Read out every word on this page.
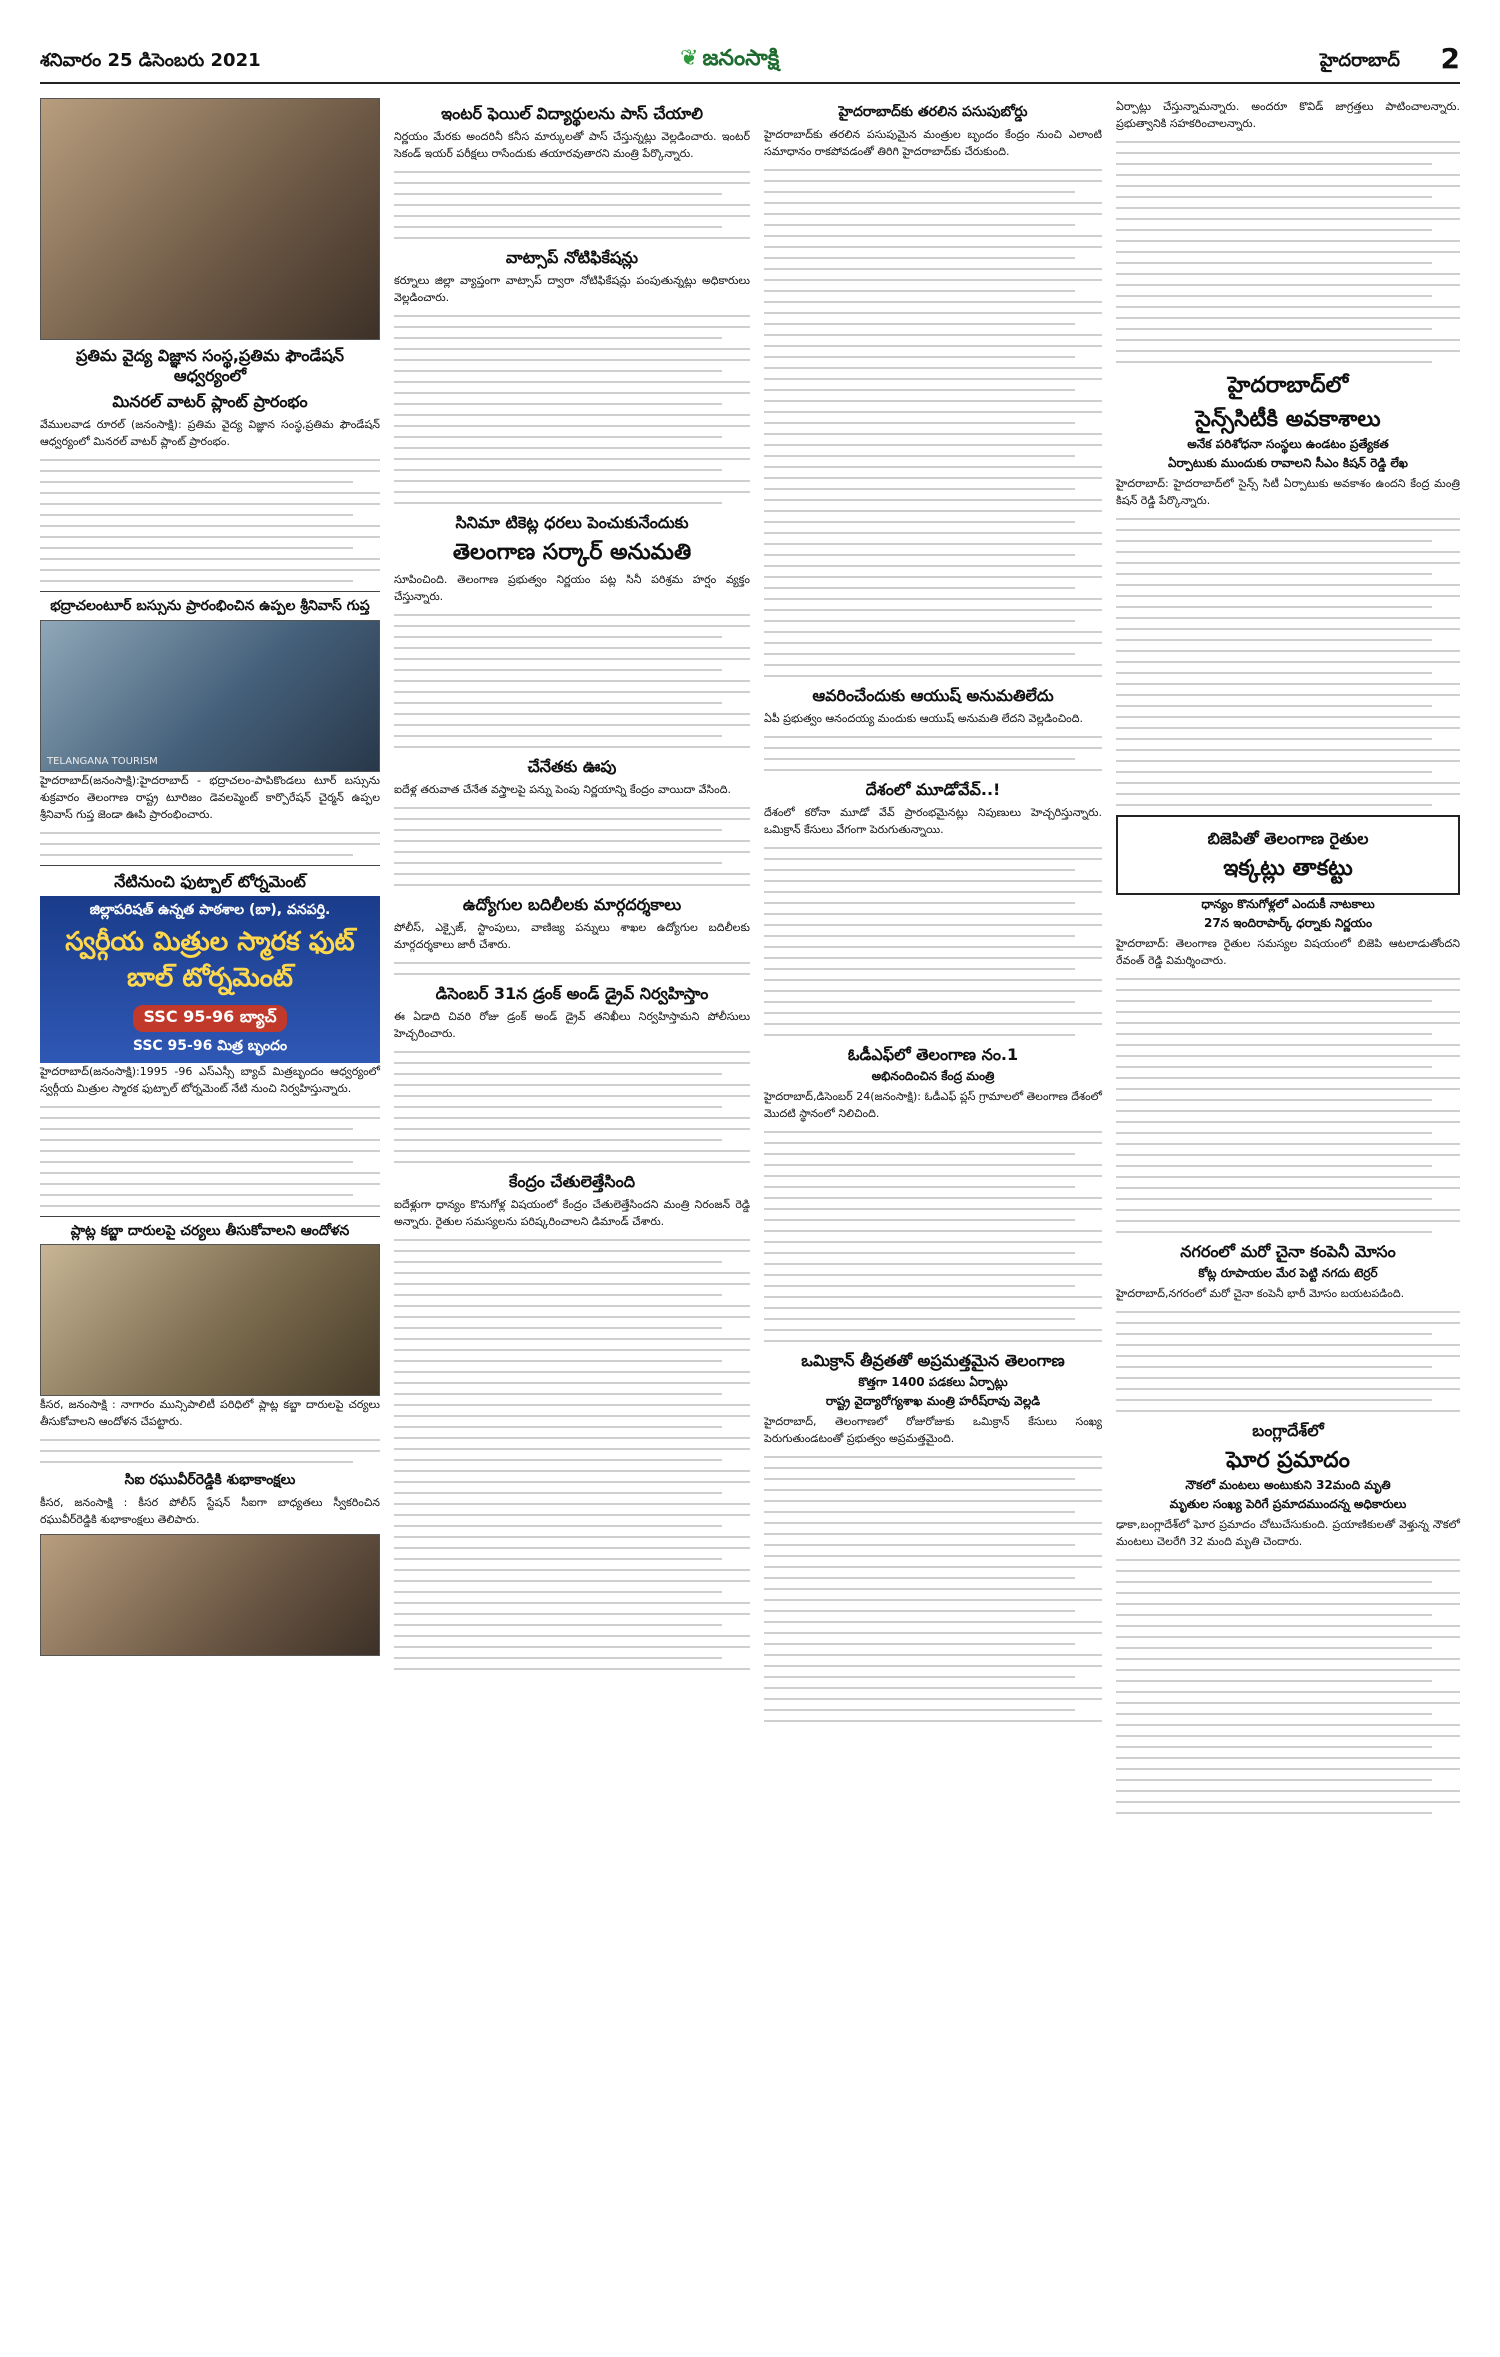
శనివారం 25 డిసెంబరు 2021	❦ జనంసాక్షి	హైదరాబాద్ 2
ప్రతిమ వైద్య విజ్ఞాన సంస్థ,ప్రతిమ ఫౌండేషన్ ఆధ్వర్యంలో
మినరల్ వాటర్ ప్లాంట్ ప్రారంభం

వేములవాడ రూరల్ (జనంసాక్షి): ప్రతిమ వైద్య విజ్ఞాన సంస్థ,ప్రతిమ ఫౌండేషన్ ఆధ్వర్యంలో మినరల్ వాటర్ ప్లాంట్ ప్రారంభం.

భద్రాచలంటూర్ బస్సును ప్రారంభించిన ఉప్పల శ్రీనివాస్ గుప్త
TELANGANA TOURISM

హైదరాబాద్(జనంసాక్షి):హైదరాబాద్ - భద్రాచలం-పాపికొండలు టూర్ బస్సును శుక్రవారం తెలంగాణ రాష్ట్ర టూరిజం డెవలప్మెంట్ కార్పొరేషన్ చైర్మన్ ఉప్పల శ్రీనివాస్ గుప్త జెండా ఊపి ప్రారంభించారు.

నేటినుంచి ఫుట్బాల్ టోర్నమెంట్
జిల్లాపరిషత్ ఉన్నత పాఠశాల (బా), వనపర్తి.
స్వర్గీయ మిత్రుల స్మారక ఫుట్ బాల్ టోర్నమెంట్
SSC 95-96 బ్యాచ్
SSC 95-96 మిత్ర బృందం

హైదరాబాద్(జనంసాక్షి):1995 -96 ఎస్ఎస్సీ బ్యాచ్ మిత్రబృందం ఆధ్వర్యంలో స్వర్గీయ మిత్రుల స్మారక ఫుట్బాల్ టోర్నమెంట్ నేటి నుంచి నిర్వహిస్తున్నారు.

ప్లాట్ల కబ్జా దారులపై చర్యలు తీసుకోవాలని ఆందోళన

కీసర, జనంసాక్షి : నాగారం మున్సిపాలిటీ పరిధిలో ప్లాట్ల కబ్జా దారులపై చర్యలు తీసుకోవాలని ఆందోళన చేపట్టారు.

సిఐ రఘువీర్‌రెడ్డికి శుభాకాంక్షలు

కీసర, జనంసాక్షి : కీసర పోలీస్ స్టేషన్ సీఐగా బాధ్యతలు స్వీకరించిన రఘువీర్‌రెడ్డికి శుభాకాంక్షలు తెలిపారు.

ఇంటర్ ఫెయిల్ విద్యార్థులను పాస్ చేయాలి

నిర్ణయం మేరకు అందరినీ కనీస మార్కులతో పాస్ చేస్తున్నట్లు వెల్లడించారు. ఇంటర్ సెకండ్ ఇయర్ పరీక్షలు రాసేందుకు తయారవుతారని మంత్రి పేర్కొన్నారు.

వాట్సాప్ నోటిఫికేషన్లు

కర్నూలు జిల్లా వ్యాప్తంగా వాట్సాప్ ద్వారా నోటిఫికేషన్లు పంపుతున్నట్లు అధికారులు వెల్లడించారు.

సినిమా టికెట్ల ధరలు పెంచుకునేందుకు
తెలంగాణ సర్కార్ అనుమతి

సూపించింది. తెలంగాణ ప్రభుత్వం నిర్ణయం పట్ల సినీ పరిశ్రమ హర్షం వ్యక్తం చేస్తున్నారు.

చేనేతకు ఊపు

ఐదేళ్ల తరువాత చేనేత వస్త్రాలపై పన్ను పెంపు నిర్ణయాన్ని కేంద్రం వాయిదా వేసింది.

ఉద్యోగుల బదిలీలకు మార్గదర్శకాలు

పోలీస్, ఎక్సైజ్, స్టాంపులు, వాణిజ్య పన్నులు శాఖల ఉద్యోగుల బదిలీలకు మార్గదర్శకాలు జారీ చేశారు.

డిసెంబర్ 31న డ్రంక్ అండ్ డ్రైవ్ నిర్వహిస్తాం

ఈ ఏడాది చివరి రోజు డ్రంక్ అండ్ డ్రైవ్ తనిఖీలు నిర్వహిస్తామని పోలీసులు హెచ్చరించారు.

కేంద్రం చేతులెత్తేసింది

ఐదేళ్లుగా ధాన్యం కొనుగోళ్ల విషయంలో కేంద్రం చేతులెత్తేసిందని మంత్రి నిరంజన్ రెడ్డి అన్నారు. రైతుల సమస్యలను పరిష్కరించాలని డిమాండ్ చేశారు.

హైదరాబాద్‌కు తరలిన పసుపుబోర్డు

హైదరాబాద్‌కు తరలిన పసుపుమైన మంత్రుల బృందం కేంద్రం నుంచి ఎలాంటి సమాధానం రాకపోవడంతో తిరిగి హైదరాబాద్‌కు చేరుకుంది.

ఆవరించేందుకు ఆయుష్ అనుమతిలేదు

ఏపీ ప్రభుత్వం ఆనందయ్య మందుకు ఆయుష్ అనుమతి లేదని వెల్లడించింది.

దేశంలో మూడోవేవ్..!

దేశంలో కరోనా మూడో వేవ్ ప్రారంభమైనట్లు నిపుణులు హెచ్చరిస్తున్నారు. ఒమిక్రాన్ కేసులు వేగంగా పెరుగుతున్నాయి.

ఓడీఎఫ్‌లో తెలంగాణ నం.1
అభినందించిన కేంద్ర మంత్రి

హైదరాబాద్,డిసెంబర్ 24(జనంసాక్షి): ఓడీఎఫ్ ప్లస్ గ్రామాలలో తెలంగాణ దేశంలో మొదటి స్థానంలో నిలిచింది.

ఒమిక్రాన్ తీవ్రతతో అప్రమత్తమైన తెలంగాణ
కొత్తగా 1400 పడకలు ఏర్పాట్లు
రాష్ట్ర వైద్యారోగ్యశాఖ మంత్రి హరీష్‌రావు వెల్లడి

హైదరాబాద్, తెలంగాణలో రోజురోజుకు ఒమిక్రాన్ కేసులు సంఖ్య పెరుగుతుండటంతో ప్రభుత్వం అప్రమత్తమైంది.

ఏర్పాట్లు చేస్తున్నామన్నారు. అందరూ కొవిడ్ జాగ్రత్తలు పాటించాలన్నారు. ప్రభుత్వానికి సహకరించాలన్నారు.

హైదరాబాద్‌లో
సైన్స్‌సిటీకి అవకాశాలు
అనేక పరిశోధనా సంస్థలు ఉండటం ప్రత్యేకత
ఏర్పాటుకు ముందుకు రావాలని సీఎం కిషన్ రెడ్డి లేఖ

హైదరాబాద్: హైదరాబాద్‌లో సైన్స్ సిటీ ఏర్పాటుకు అవకాశం ఉందని కేంద్ర మంత్రి కిషన్ రెడ్డి పేర్కొన్నారు.

బిజెపితో తెలంగాణ రైతుల
ఇక్కట్లు తాకట్టు
ధాన్యం కొనుగోళ్లలో ఎందుకీ నాటకాలు
27న ఇందిరాపార్క్ ధర్నాకు నిర్ణయం

హైదరాబాద్: తెలంగాణ రైతుల సమస్యల విషయంలో బిజెపి ఆటలాడుతోందని రేవంత్ రెడ్డి విమర్శించారు.

నగరంలో మరో చైనా కంపెనీ మోసం
కోట్ల రూపాయల మేర పెట్టి నగదు టెర్రర్

హైదరాబాద్,నగరంలో మరో చైనా కంపెనీ భారీ మోసం బయటపడింది.

బంగ్లాదేశ్‌లో
ఘోర ప్రమాదం
నౌకలో మంటలు అంటుకుని 32మంది మృతి
మృతుల సంఖ్య పెరిగే ప్రమాదముందన్న అధికారులు

ఢాకా,బంగ్లాదేశ్‌లో ఘోర ప్రమాదం చోటుచేసుకుంది. ప్రయాణికులతో వెళ్తున్న నౌకలో మంటలు చెలరేగి 32 మంది మృతి చెందారు.
